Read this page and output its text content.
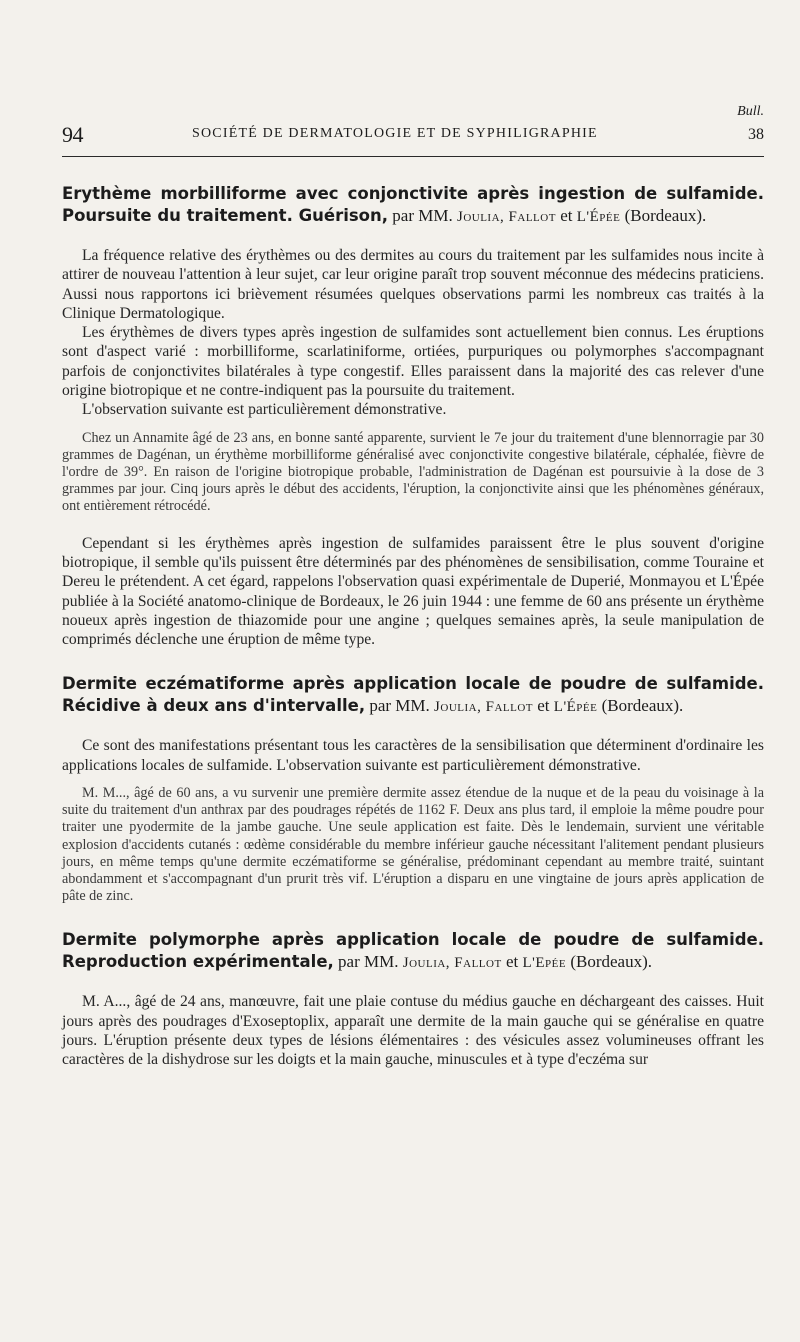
Bull.
94	SOCIÉTÉ DE DERMATOLOGIE ET DE SYPHILIGRAPHIE	38
Erythème morbilliforme avec conjonctivite après ingestion de sulfamide. Poursuite du traitement. Guérison, par MM. Joulia, Fallot et L'Épée (Bordeaux).

La fréquence relative des érythèmes ou des dermites au cours du traitement par les sulfamides nous incite à attirer de nouveau l'attention à leur sujet, car leur origine paraît trop souvent méconnue des médecins praticiens. Aussi nous rapportons ici brièvement résumées quelques observations parmi les nombreux cas traités à la Clinique Dermatologique.

Les érythèmes de divers types après ingestion de sulfamides sont actuellement bien connus. Les éruptions sont d'aspect varié : morbilliforme, scarlatiniforme, ortiées, purpuriques ou polymorphes s'accompagnant parfois de conjonctivites bilatérales à type congestif. Elles paraissent dans la majorité des cas relever d'une origine biotropique et ne contre-indiquent pas la poursuite du traitement.

L'observation suivante est particulièrement démonstrative.

Chez un Annamite âgé de 23 ans, en bonne santé apparente, survient le 7e jour du traitement d'une blennorragie par 30 grammes de Dagénan, un érythème morbilliforme généralisé avec conjonctivite congestive bilatérale, céphalée, fièvre de l'ordre de 39°. En raison de l'origine biotropique probable, l'administration de Dagénan est poursuivie à la dose de 3 grammes par jour. Cinq jours après le début des accidents, l'éruption, la conjonctivite ainsi que les phénomènes généraux, ont entièrement rétrocédé.

Cependant si les érythèmes après ingestion de sulfamides paraissent être le plus souvent d'origine biotropique, il semble qu'ils puissent être déterminés par des phénomènes de sensibilisation, comme Touraine et Dereu le prétendent. A cet égard, rappelons l'observation quasi expérimentale de Duperié, Monmayou et L'Épée publiée à la Société anatomo-clinique de Bordeaux, le 26 juin 1944 : une femme de 60 ans présente un érythème noueux après ingestion de thiazomide pour une angine ; quelques semaines après, la seule manipulation de comprimés déclenche une éruption de même type.

Dermite eczématiforme après application locale de poudre de sulfamide. Récidive à deux ans d'intervalle, par MM. Joulia, Fallot et L'Épée (Bordeaux).

Ce sont des manifestations présentant tous les caractères de la sensibilisation que déterminent d'ordinaire les applications locales de sulfamide. L'observation suivante est particulièrement démonstrative.

M. M..., âgé de 60 ans, a vu survenir une première dermite assez étendue de la nuque et de la peau du voisinage à la suite du traitement d'un anthrax par des poudrages répétés de 1162 F. Deux ans plus tard, il emploie la même poudre pour traiter une pyodermite de la jambe gauche. Une seule application est faite. Dès le lendemain, survient une véritable explosion d'accidents cutanés : œdème considérable du membre inférieur gauche nécessitant l'alitement pendant plusieurs jours, en même temps qu'une dermite eczématiforme se généralise, prédominant cependant au membre traité, suintant abondamment et s'accompagnant d'un prurit très vif. L'éruption a disparu en une vingtaine de jours après application de pâte de zinc.

Dermite polymorphe après application locale de poudre de sulfamide. Reproduction expérimentale, par MM. Joulia, Fallot et L'Epée (Bordeaux).

M. A..., âgé de 24 ans, manœuvre, fait une plaie contuse du médius gauche en déchargeant des caisses. Huit jours après des poudrages d'Exoseptoplix, apparaît une dermite de la main gauche qui se généralise en quatre jours. L'éruption présente deux types de lésions élémentaires : des vésicules assez volumineuses offrant les caractères de la dishydrose sur les doigts et la main gauche, minuscules et à type d'eczéma sur
